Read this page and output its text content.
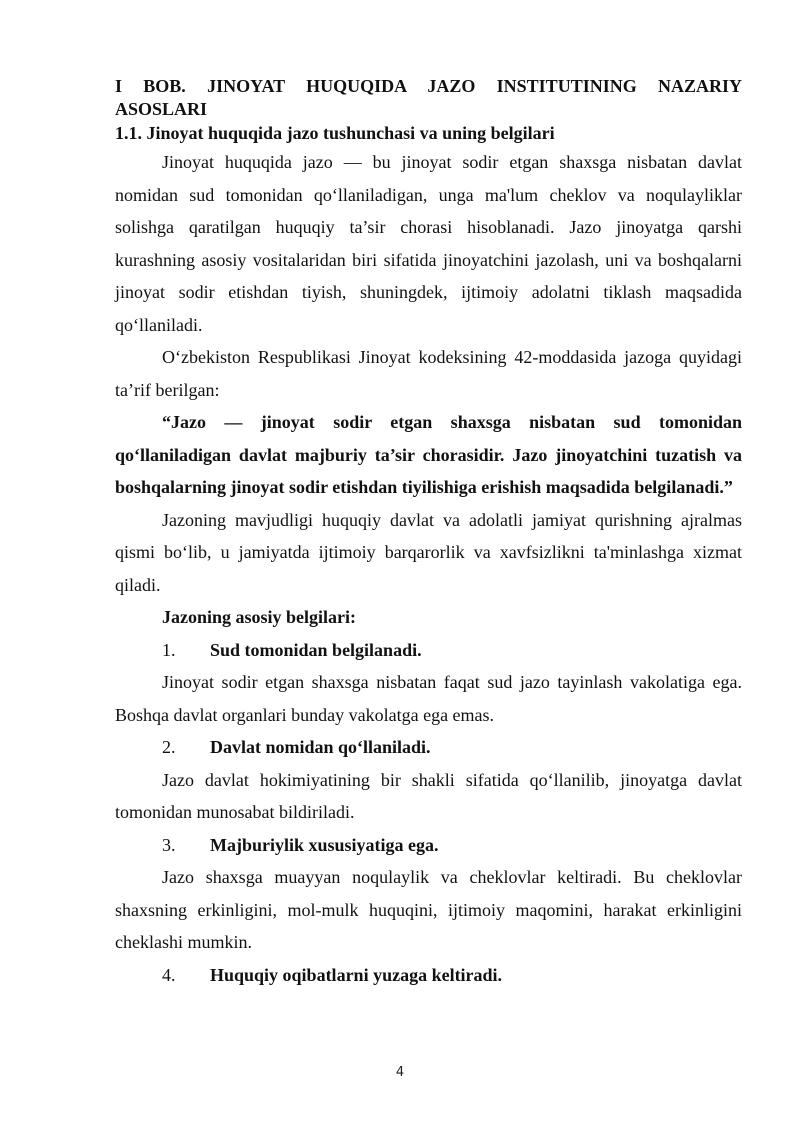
I BOB. JINOYAT HUQUQIDA JAZO INSTITUTINING NAZARIY
ASOSLARI
1.1. Jinoyat huquqida jazo tushunchasi va uning belgilari

Jinoyat huquqida jazo — bu jinoyat sodir etgan shaxsga nisbatan davlat nomidan sud tomonidan qo‘llaniladigan, unga ma'lum cheklov va noqulayliklar solishga qaratilgan huquqiy ta’sir chorasi hisoblanadi. Jazo jinoyatga qarshi kurashning asosiy vositalaridan biri sifatida jinoyatchini jazolash, uni va boshqalarni jinoyat sodir etishdan tiyish, shuningdek, ijtimoiy adolatni tiklash maqsadida qo‘llaniladi.

O‘zbekiston Respublikasi Jinoyat kodeksining 42-moddasida jazoga quyidagi ta’rif berilgan:

“Jazo — jinoyat sodir etgan shaxsga nisbatan sud tomonidan qo‘llaniladigan davlat majburiy ta’sir chorasidir. Jazo jinoyatchini tuzatish va boshqalarning jinoyat sodir etishdan tiyilishiga erishish maqsadida belgilanadi.”

Jazoning mavjudligi huquqiy davlat va adolatli jamiyat qurishning ajralmas qismi bo‘lib, u jamiyatda ijtimoiy barqarorlik va xavfsizlikni ta'minlashga xizmat qiladi.

Jazoning asosiy belgilari:

1.	Sud tomonidan belgilanadi.

Jinoyat sodir etgan shaxsga nisbatan faqat sud jazo tayinlash vakolatiga ega. Boshqa davlat organlari bunday vakolatga ega emas.

2.	Davlat nomidan qo‘llaniladi.

Jazo davlat hokimiyatining bir shakli sifatida qo‘llanilib, jinoyatga davlat tomonidan munosabat bildiriladi.

3.	Majburiylik xususiyatiga ega.

Jazo shaxsga muayyan noqulaylik va cheklovlar keltiradi. Bu cheklovlar shaxsning erkinligini, mol-mulk huquqini, ijtimoiy maqomini, harakat erkinligini cheklashi mumkin.

4.	Huquqiy oqibatlarni yuzaga keltiradi.
4
